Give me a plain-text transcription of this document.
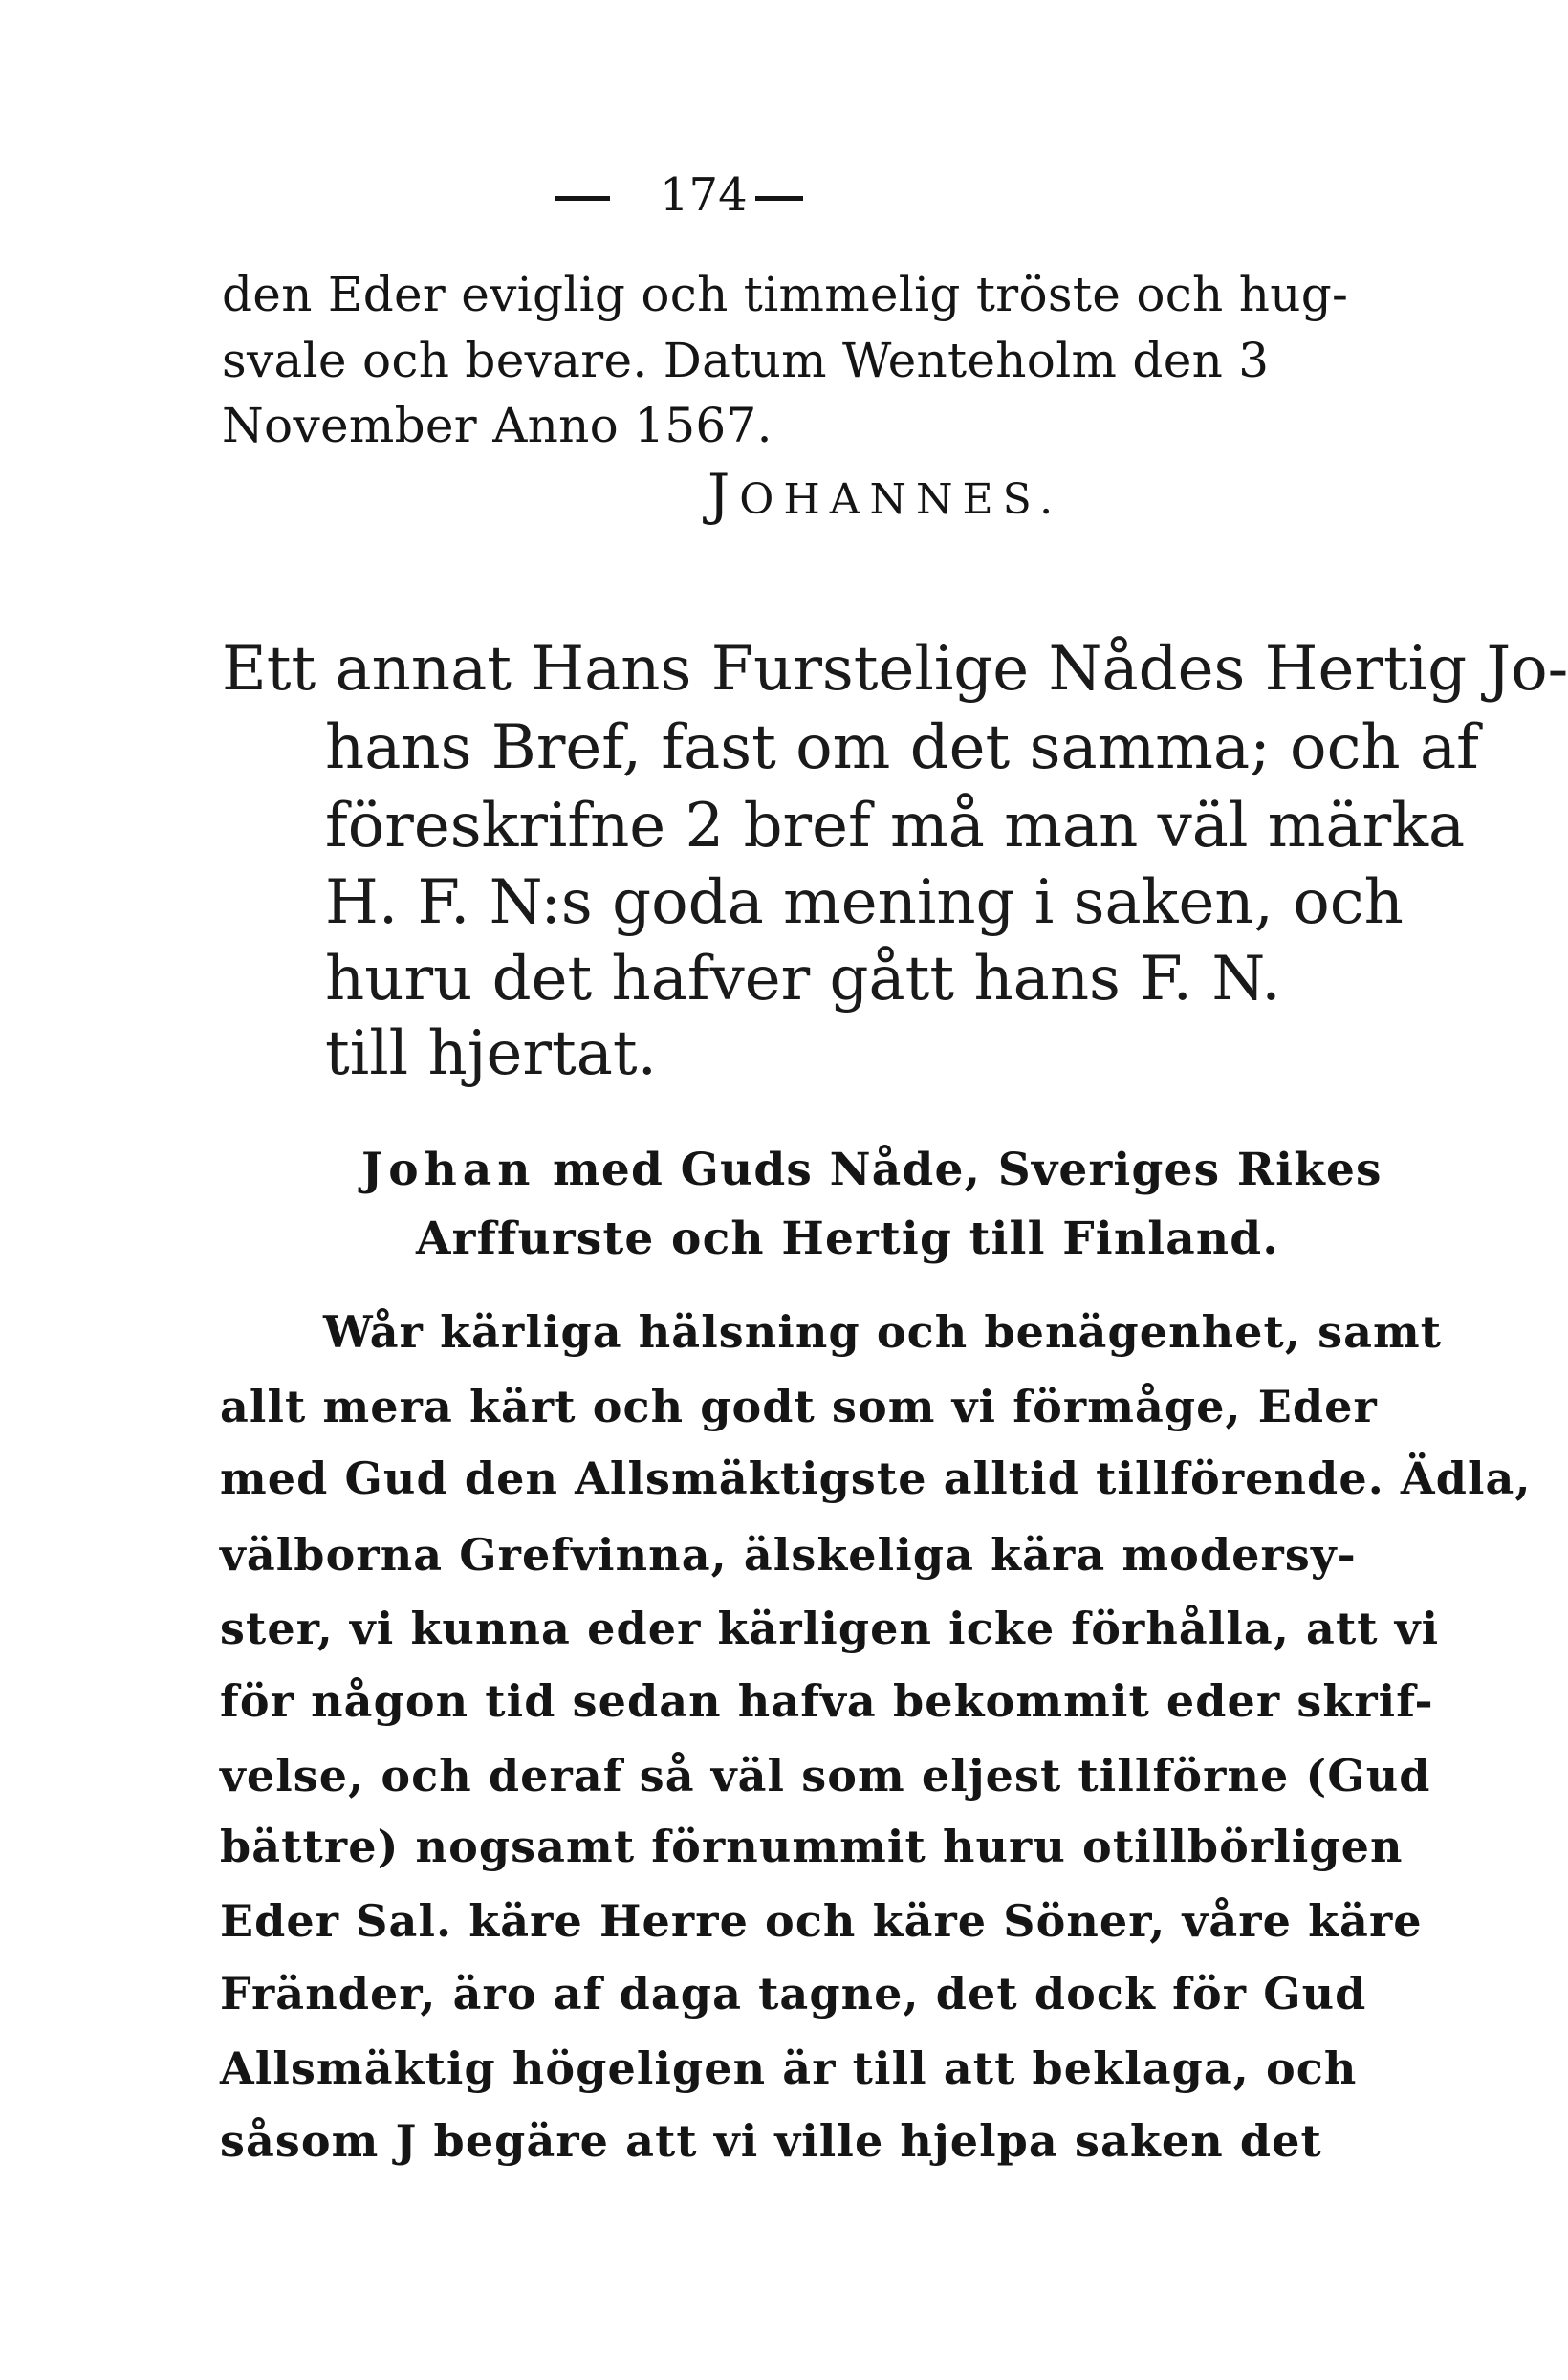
174
den Eder eviglig och timmelig tröste och hug-
svale och bevare. Datum Wenteholm den 3
November Anno 1567.
JOHANNES.
Ett annat Hans Furstelige Nådes Hertig Jo-
hans Bref, fast om det samma; och af
föreskrifne 2 bref må man väl märka
H. F. N:s goda mening i saken, och
huru det hafver gått hans F. N.
till hjertat.
Johan med Guds Nåde, Sveriges Rikes
Arffurste och Hertig till Finland.
Wår kärliga hälsning och benägenhet, samt
allt mera kärt och godt som vi förmåge, Eder
med Gud den Allsmäktigste alltid tillförende. Ädla,
välborna Grefvinna, älskeliga kära modersy-
ster, vi kunna eder kärligen icke förhålla, att vi
för någon tid sedan hafva bekommit eder skrif-
velse, och deraf så väl som eljest tillförne (Gud
bättre) nogsamt förnummit huru otillbörligen
Eder Sal. käre Herre och käre Söner, våre käre
Fränder, äro af daga tagne, det dock för Gud
Allsmäktig högeligen är till att beklaga, och
såsom J begäre att vi ville hjelpa saken det
